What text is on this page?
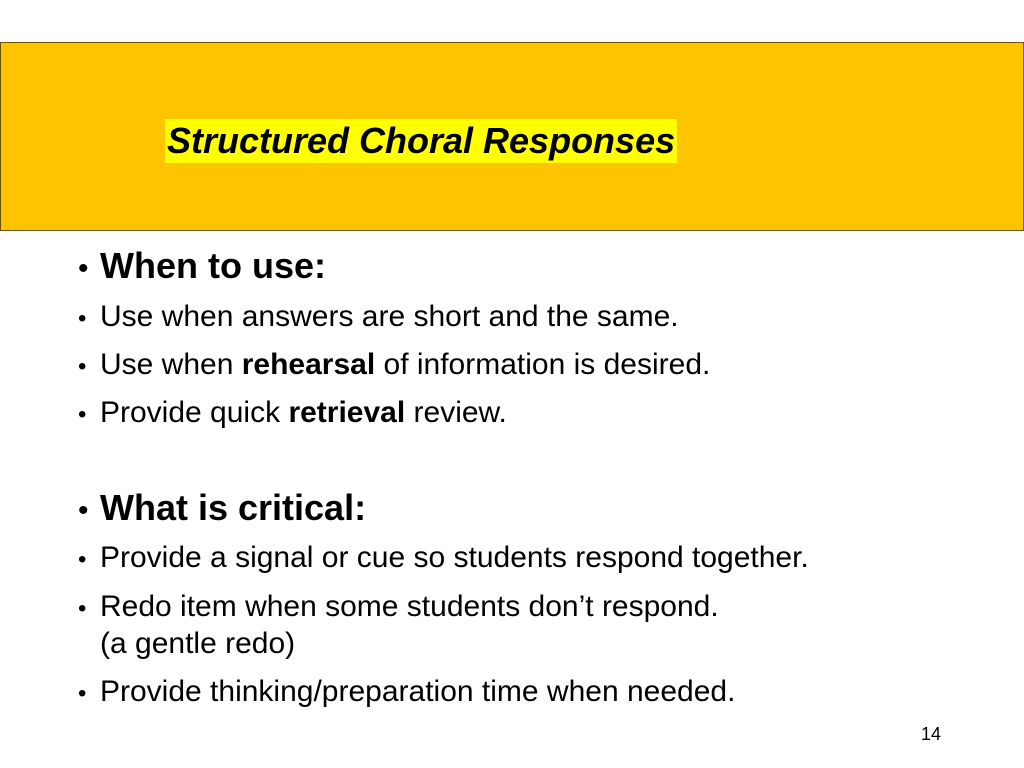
Structured Choral Responses

• When to use:

• Use when answers are short and the same.

• Use when rehearsal of information is desired.

• Provide quick retrieval review.

• What is critical:

• Provide a signal or cue so students respond together.

• Redo item when some students don’t respond.

(a gentle redo)

• Provide thinking/preparation time when needed.

14
